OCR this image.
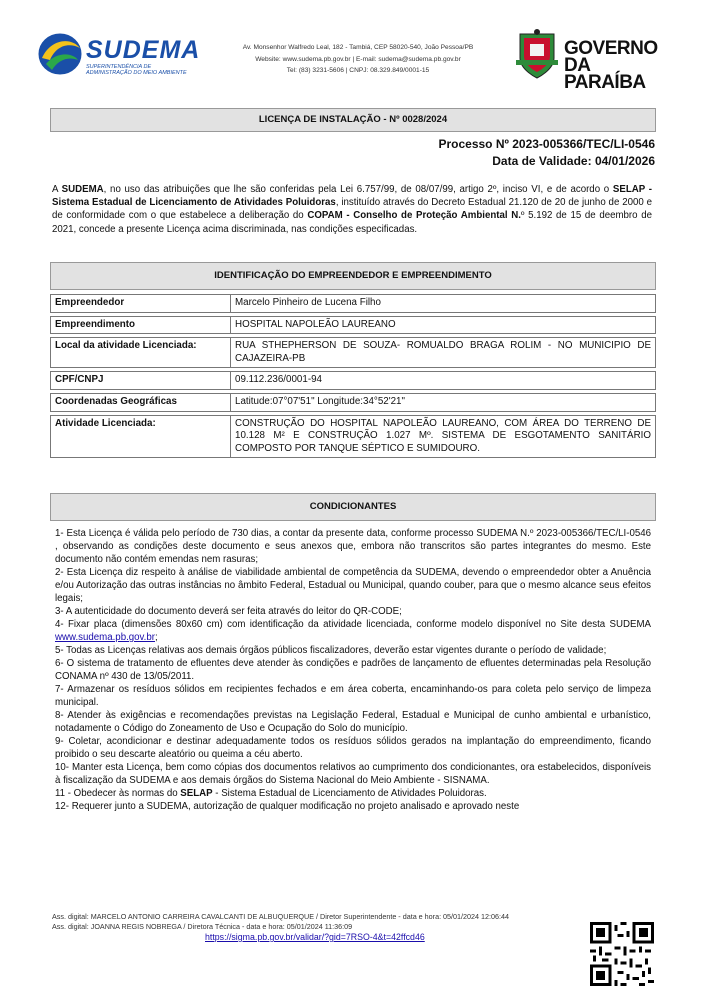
SUDEMA
SUPERINTENDÊNCIA DE ADMINISTRAÇÃO DO MEIO AMBIENTE
Av. Monsenhor Walfredo Leal, 182 - Tambiá, CEP 58020-540, João Pessoa/PB
Website: www.sudema.pb.gov.br | E-mail: sudema@sudema.pb.gov.br
Tel: (83) 3231-5606 | CNPJ: 08.329.849/0001-15
GOVERNO
DA PARAÍBA
LICENÇA DE INSTALAÇÃO - Nº 0028/2024
Processo Nº 2023-005366/TEC/LI-0546
Data de Validade: 04/01/2026
A SUDEMA, no uso das atribuições que lhe são conferidas pela Lei 6.757/99, de 08/07/99, artigo 2º, inciso VI, e de acordo o SELAP - Sistema Estadual de Licenciamento de Atividades Poluidoras, instituído através do Decreto Estadual 21.120 de 20 de junho de 2000 e de conformidade com o que estabelece a deliberação do COPAM - Conselho de Proteção Ambiental N.º 5.192 de 15 de deembro de 2021, concede a presente Licença acima discriminada, nas condições especificadas.
IDENTIFICAÇÃO DO EMPREENDEDOR E EMPREENDIMENTO
Empreendedor	Marcelo Pinheiro de Lucena Filho

Empreendimento	HOSPITAL NAPOLEÃO LAUREANO

Local da atividade Licenciada:	RUA STHEPHERSON DE SOUZA- ROMUALDO BRAGA ROLIM - NO MUNICIPIO DE CAJAZEIRA-PB

CPF/CNPJ	09.112.236/0001-94

Coordenadas Geográficas	Latitude:07°07'51" Longitude:34°52'21"

Atividade Licenciada:	CONSTRUÇÃO DO HOSPITAL NAPOLEÃO LAUREANO, COM ÁREA DO TERRENO DE 10.128 M² E CONSTRUÇÃO 1.027 Mº. SISTEMA DE ESGOTAMENTO SANITÁRIO COMPOSTO POR TANQUE SÉPTICO E SUMIDOURO.
CONDICIONANTES

1- Esta Licença é válida pelo período de 730 dias, a contar da presente data, conforme processo SUDEMA N.º 2023-005366/TEC/LI-0546 , observando as condições deste documento e seus anexos que, embora não transcritos são partes integrantes do mesmo. Este documento não contém emendas nem rasuras;

2- Esta Licença diz respeito à análise de viabilidade ambiental de competência da SUDEMA, devendo o empreendedor obter a Anuência e/ou Autorização das outras instâncias no âmbito Federal, Estadual ou Municipal, quando couber, para que o mesmo alcance seus efeitos legais;

3- A autenticidade do documento deverá ser feita através do leitor do QR-CODE;

4- Fixar placa (dimensões 80x60 cm) com identificação da atividade licenciada, conforme modelo disponível no Site desta SUDEMA www.sudema.pb.gov.br;

5- Todas as Licenças relativas aos demais órgãos públicos fiscalizadores, deverão estar vigentes durante o período de validade;

6- O sistema de tratamento de efluentes deve atender às condições e padrões de lançamento de efluentes determinadas pela Resolução CONAMA nº 430 de 13/05/2011.

7- Armazenar os resíduos sólidos em recipientes fechados e em área coberta, encaminhando-os para coleta pelo serviço de limpeza municipal.

8- Atender às exigências e recomendações previstas na Legislação Federal, Estadual e Municipal de cunho ambiental e urbanístico, notadamente o Código do Zoneamento de Uso e Ocupação do Solo do município.

9- Coletar, acondicionar e destinar adequadamente todos os resíduos sólidos gerados na implantação do empreendimento, ficando proibido o seu descarte aleatório ou queima a céu aberto.

10- Manter esta Licença, bem como cópias dos documentos relativos ao cumprimento dos condicionantes, ora estabelecidos, disponíveis à fiscalização da SUDEMA e aos demais órgãos do Sistema Nacional do Meio Ambiente - SISNAMA.

11 - Obedecer às normas do SELAP - Sistema Estadual de Licenciamento de Atividades Poluidoras.

12- Requerer junto a SUDEMA, autorização de qualquer modificação no projeto analisado e aprovado neste

Ass. digital: MARCELO ANTONIO CARREIRA CAVALCANTI DE ALBUQUERQUE / Diretor Superintendente - data e hora: 05/01/2024 12:06:44
Ass. digital: JOANNA REGIS NOBREGA / Diretora Técnica - data e hora: 05/01/2024 11:36:09
https://sigma.pb.gov.br/validar/?gid=7RSO-4&t=42ffcd46
